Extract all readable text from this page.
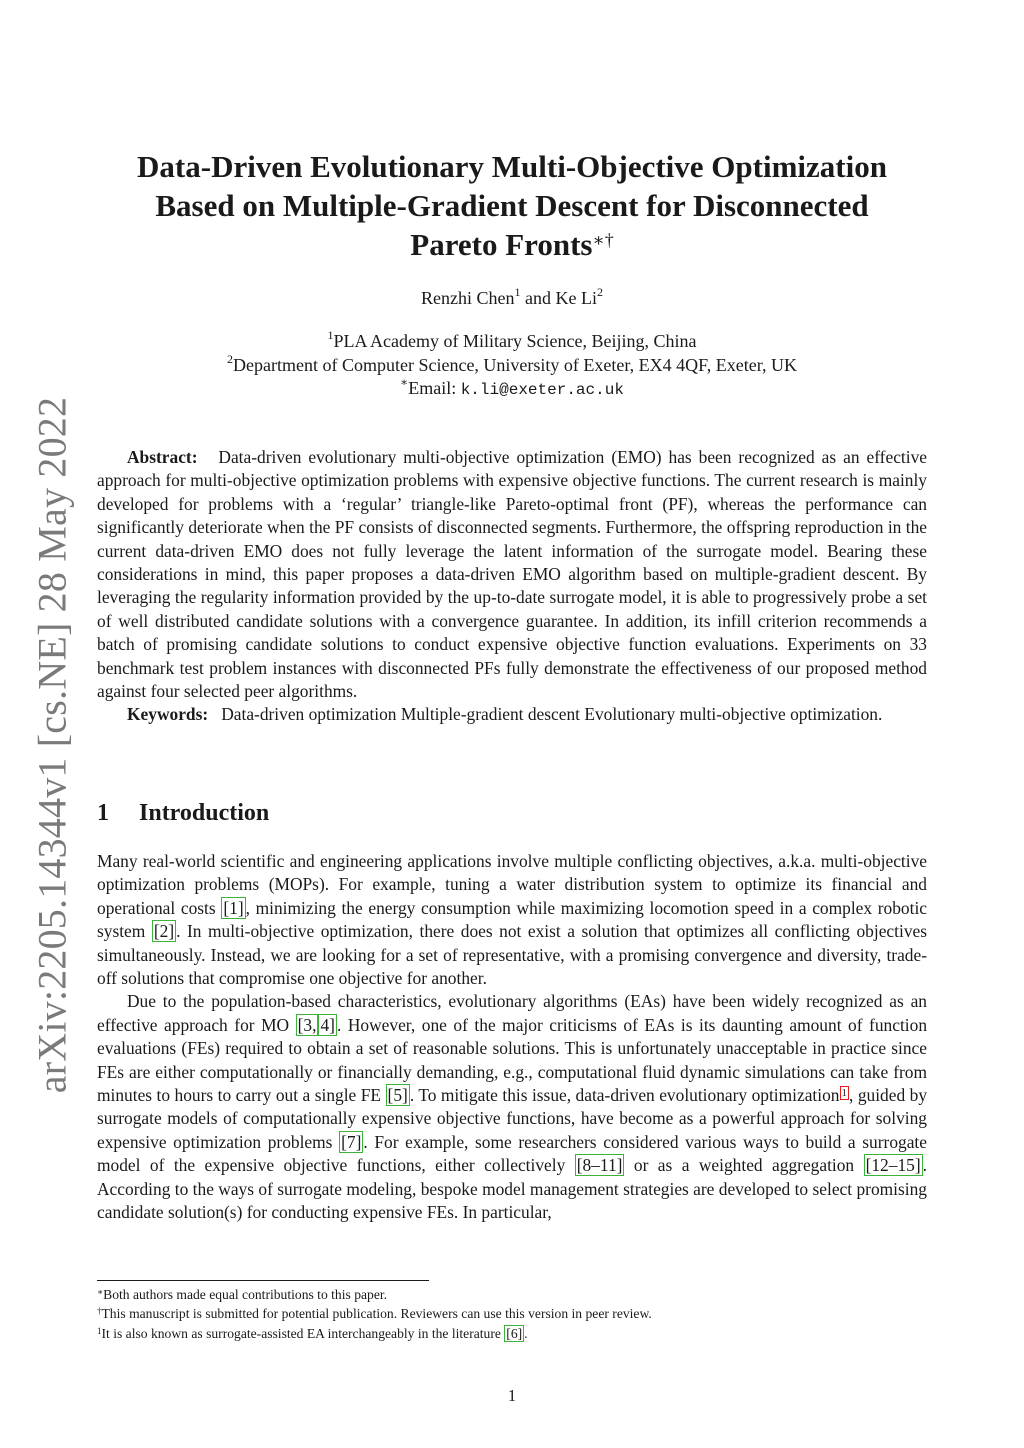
arXiv:2205.14344v1 [cs.NE] 28 May 2022
Data-Driven Evolutionary Multi-Objective Optimization
Based on Multiple-Gradient Descent for Disconnected
Pareto Fronts∗†
Renzhi Chen$^1$ and Ke Li$^2$
$^1$PLA Academy of Military Science, Beijing, China
$^2$Department of Computer Science, University of Exeter, EX4 4QF, Exeter, UK
∗Email: k.li@exeter.ac.uk
Abstract: Data-driven evolutionary multi-objective optimization (EMO) has been recognized as an effective approach for multi-objective optimization problems with expensive objective functions. The current research is mainly developed for problems with a ‘regular’ triangle-like Pareto-optimal front (PF), whereas the performance can significantly deteriorate when the PF consists of disconnected segments. Furthermore, the offspring reproduction in the current data-driven EMO does not fully leverage the latent information of the surrogate model. Bearing these considerations in mind, this paper proposes a data-driven EMO algorithm based on multiple-gradient descent. By leveraging the regularity information provided by the up-to-date surrogate model, it is able to progressively probe a set of well distributed candidate solutions with a convergence guarantee. In addition, its infill criterion recommends a batch of promising candidate solutions to conduct expensive objective function evaluations. Experiments on 33 benchmark test problem instances with disconnected PFs fully demonstrate the effectiveness of our proposed method against four selected peer algorithms.
Keywords: Data-driven optimization Multiple-gradient descent Evolutionary multi-objective optimization.
1 Introduction
Many real-world scientific and engineering applications involve multiple conflicting objectives, a.k.a. multi-objective optimization problems (MOPs). For example, tuning a water distribution system to optimize its financial and operational costs [1] , minimizing the energy consumption while maximizing locomotion speed in a complex robotic system [2] . In multi-objective optimization, there does not exist a solution that optimizes all conflicting objectives simultaneously. Instead, we are looking for a set of representative, with a promising convergence and diversity, trade-off solutions that compromise one objective for another.
Due to the population-based characteristics, evolutionary algorithms (EAs) have been widely recognized as an effective approach for MO [3, 4] . However, one of the major criticisms of EAs is its daunting amount of function evaluations (FEs) required to obtain a set of reasonable solutions. This is unfortunately unacceptable in practice since FEs are either computationally or financially demanding, e.g., computational fluid dynamic simulations can take from minutes to hours to carry out a single FE [5] . To mitigate this issue, data-driven evolutionary optimization $^1$ , guided by surrogate models of computationally expensive objective functions, have become as a powerful approach for solving expensive optimization problems [7] . For example, some researchers considered various ways to build a surrogate model of the expensive objective functions, either collectively [8–11] or as a weighted aggregation [12–15] . According to the ways of surrogate modeling, bespoke model management strategies are developed to select promising candidate solution(s) for conducting expensive FEs. In particular,
∗Both authors made equal contributions to this paper.
†This manuscript is submitted for potential publication. Reviewers can use this version in peer review.
$^1$It is also known as surrogate-assisted EA interchangeably in the literature [6] .
1
